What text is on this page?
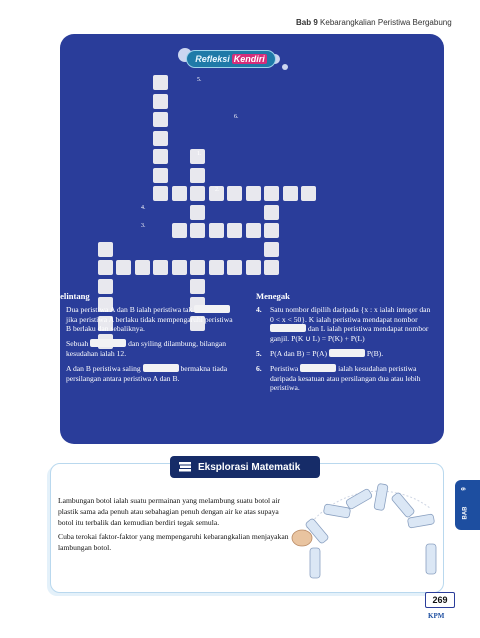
Bab 9 Kebarangkalian Peristiwa Bergabung
Refleksi Kendiri
5.
6.
1.
2.
4.
3.
Melintang
1. Dua peristiwa A dan B ialah peristiwa tak  jika peristiwa A berlaku tidak mempengaruhi peristiwa B berlaku dan sebaliknya.
2. Sebuah	dan syiling dilambung, bilangan kesudahan ialah 12.
3. A dan B peristiwa saling	bermakna tiada persilangan antara peristiwa A dan B.
Menegak
4. Satu nombor dipilih daripada {x : x ialah integer dan 0 < x < 50}. K ialah peristiwa mendapat nombor  dan L ialah peristiwa mendapat nombor ganjil. P(K ∪ L) = P(K) + P(L)
5. P(A dan B) = P(A)	P(B).
6. Peristiwa	ialah kesudahan peristiwa daripada kesatuan atau persilangan dua atau lebih peristiwa.
Eksplorasi Matematik

Lambungan botol ialah suatu permainan yang melambung suatu botol air plastik sama ada penuh atau sebahagian penuh dengan air ke atas supaya botol itu terbalik dan kemudian berdiri tegak semula.

Cuba terokai faktor-faktor yang mempengaruhi kebarangkalian menjayakan lambungan botol.

BAB
9
269
KPM
